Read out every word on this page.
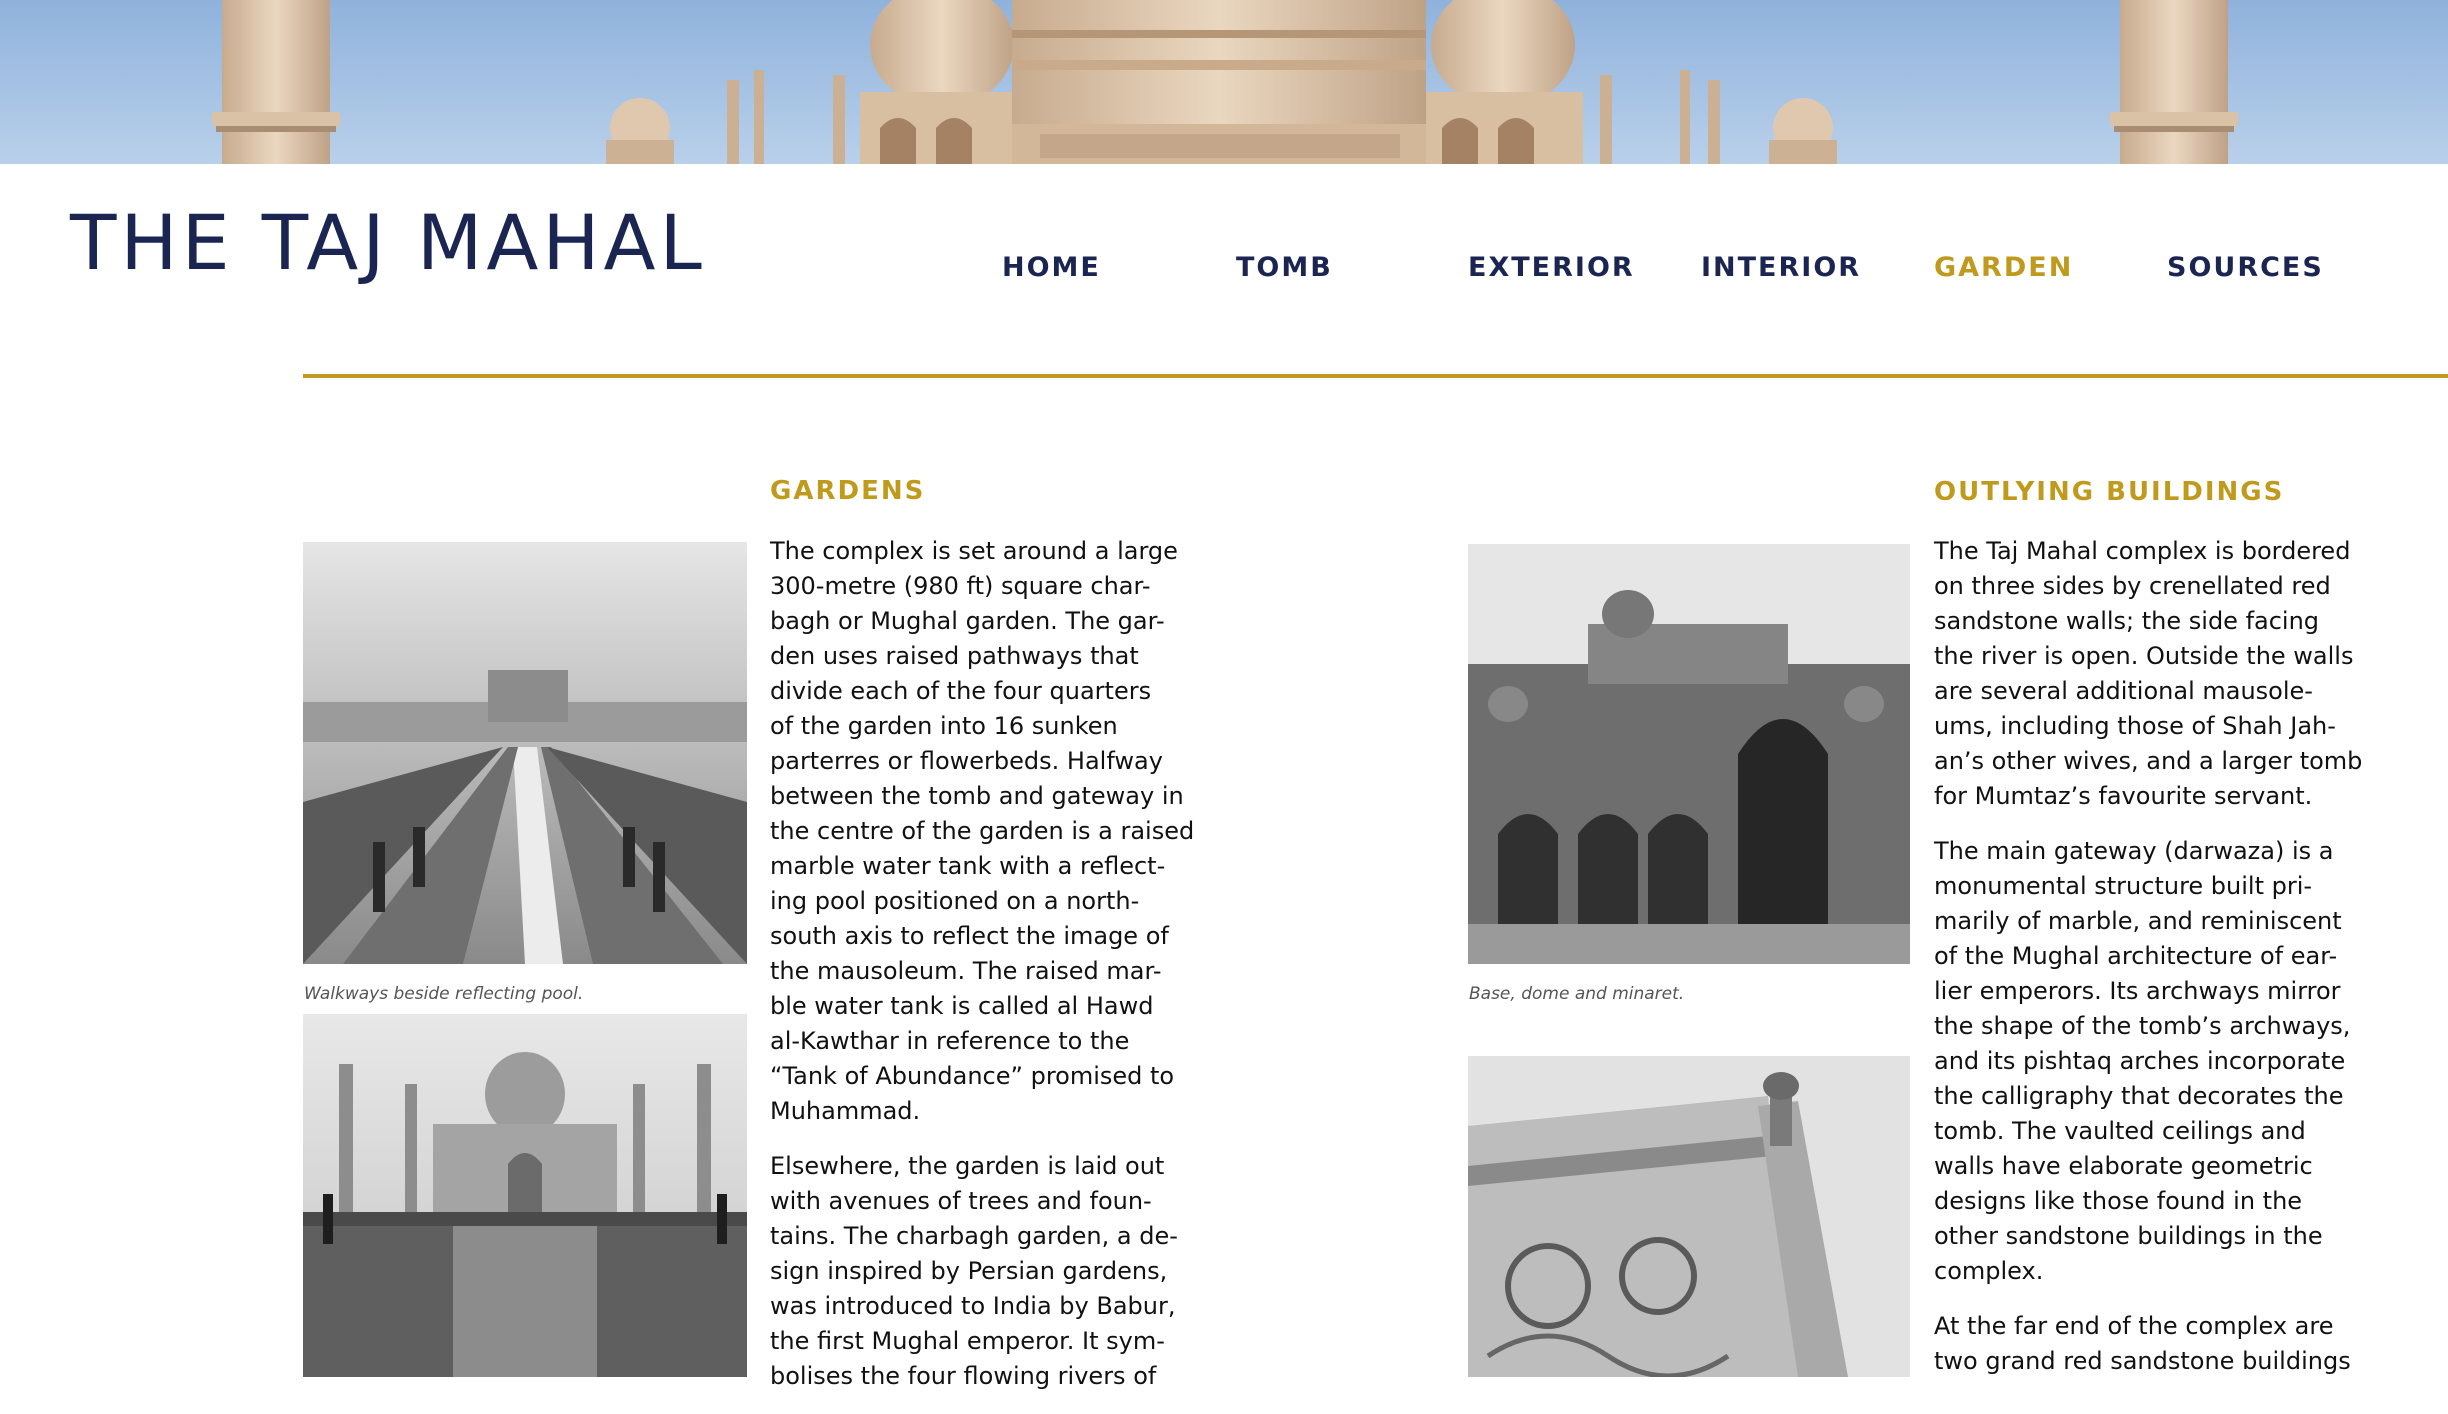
THE TAJ MAHAL	HOME	TOMB	EXTERIOR INTERIOR	GARDEN	SOURCES
Walkways beside reflecting pool.
GARDENS

The complex is set around a large
300-metre (980 ft) square char-
bagh or Mughal garden. The gar-
den uses raised pathways that
divide each of the four quarters
of the garden into 16 sunken
parterres or flowerbeds. Halfway
between the tomb and gateway in
the centre of the garden is a raised
marble water tank with a reflect-
ing pool positioned on a north-
south axis to reflect the image of
the mausoleum. The raised mar-
ble water tank is called al Hawd
al-Kawthar in reference to the
“Tank of Abundance” promised to
Muhammad.

Elsewhere, the garden is laid out
with avenues of trees and foun-
tains. The charbagh garden, a de-
sign inspired by Persian gardens,
was introduced to India by Babur,
the first Mughal emperor. It sym-
bolises the four flowing rivers of

Base, dome and minaret.
OUTLYING BUILDINGS

The Taj Mahal complex is bordered
on three sides by crenellated red
sandstone walls; the side facing
the river is open. Outside the walls
are several additional mausole-
ums, including those of Shah Jah-
an’s other wives, and a larger tomb
for Mumtaz’s favourite servant.

The main gateway (darwaza) is a
monumental structure built pri-
marily of marble, and reminiscent
of the Mughal architecture of ear-
lier emperors. Its archways mirror
the shape of the tomb’s archways,
and its pishtaq arches incorporate
the calligraphy that decorates the
tomb. The vaulted ceilings and
walls have elaborate geometric
designs like those found in the
other sandstone buildings in the
complex.

At the far end of the complex are
two grand red sandstone buildings
